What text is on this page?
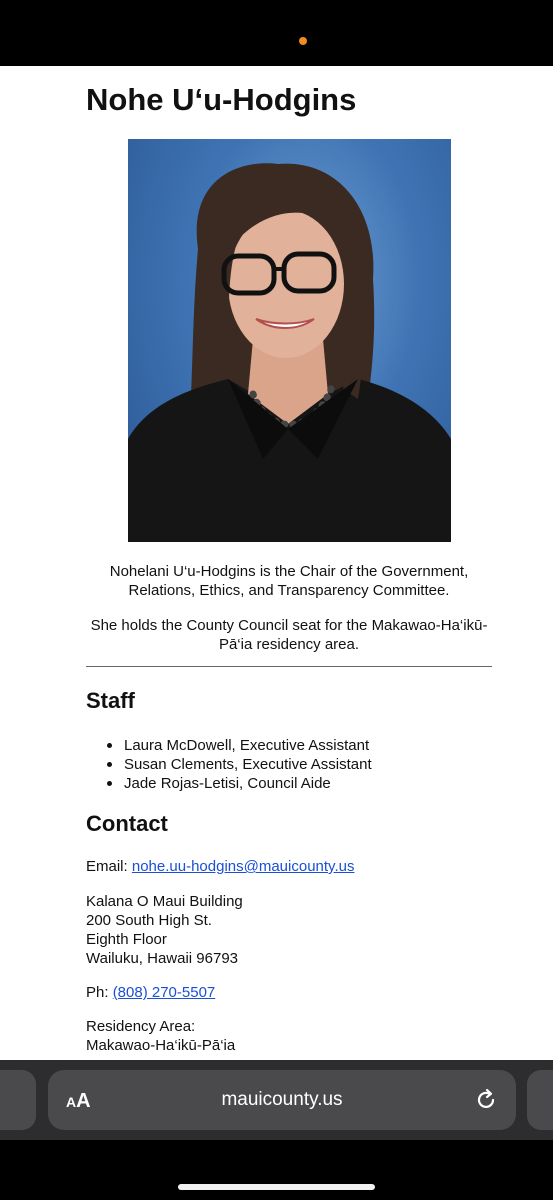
Nohe U‘u-Hodgins

Nohelani U‘u-Hodgins is the Chair of the Government, Relations, Ethics, and Transparency Committee.

She holds the County Council seat for the Makawao-Ha‘ikū-Pā‘ia residency area.

Staff
Laura McDowell, Executive Assistant
Susan Clements, Executive Assistant
Jade Rojas-Letisi, Council Aide
Contact
Email: nohe.uu-hodgins@mauicounty.us
Kalana O Maui Building
200 South High St.
Eighth Floor
Wailuku, Hawaii 96793
Ph: (808) 270-5507
Residency Area:
Makawao-Ha‘ikū-Pā‘ia
AA	mauicounty.us
